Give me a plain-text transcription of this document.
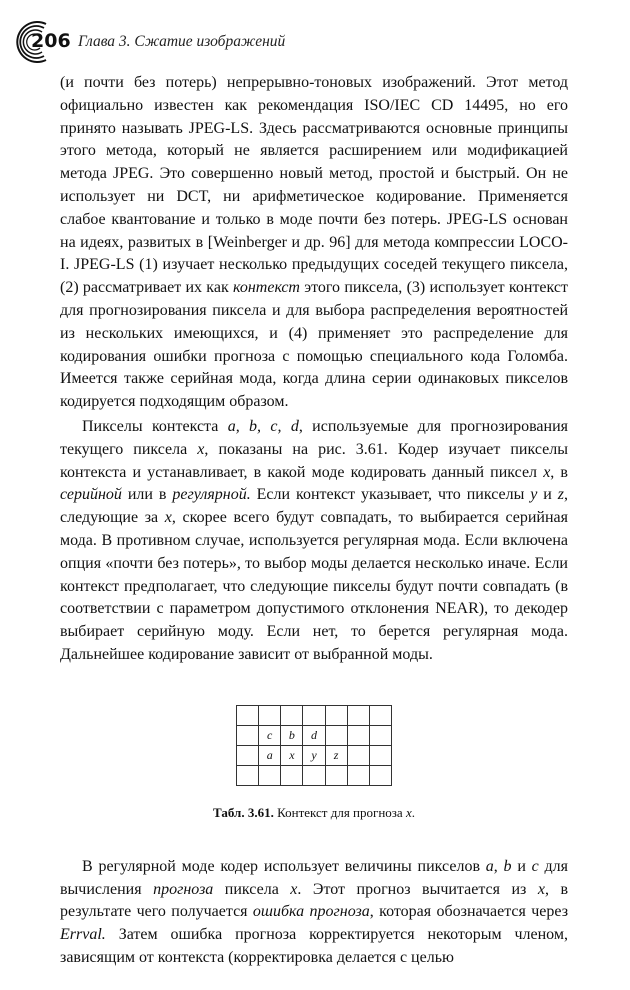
206 Глава 3. Сжатие изображений

(и почти без потерь) непрерывно-тоновых изображений. Этот метод официально известен как рекомендация ISO/IEC CD 14495, но его принято называть JPEG-LS. Здесь рассматриваются основные принципы этого метода, который не является расширением или модификацией метода JPEG. Это совершенно новый метод, простой и быстрый. Он не использует ни DCT, ни арифметическое кодирование. Применяется слабое квантование и только в моде почти без потерь. JPEG-LS основан на идеях, развитых в [Weinberger и др. 96] для метода компрессии LOCO-I. JPEG-LS (1) изучает несколько предыдущих соседей текущего пиксела, (2) рассматривает их как контекст этого пиксела, (3) использует контекст для прогнозирования пиксела и для выбора распределения вероятностей из нескольких имеющихся, и (4) применяет это распределение для кодирования ошибки прогноза с помощью специального кода Голомба. Имеется также серийная мода, когда длина серии одинаковых пикселов кодируется подходящим образом.

Пикселы контекста a, b, c, d, используемые для прогнозирования текущего пиксела x, показаны на рис. 3.61. Кодер изучает пикселы контекста и устанавливает, в какой моде кодировать данный пиксел x, в серийной или в регулярной. Если контекст указывает, что пикселы y и z, следующие за x, скорее всего будут совпадать, то выбирается серийная мода. В противном случае, используется регулярная мода. Если включена опция «почти без потерь», то выбор моды делается несколько иначе. Если контекст предполагает, что следующие пикселы будут почти совпадать (в соответствии с параметром допустимого отклонения NEAR), то декодер выбирает серийную моду. Если нет, то берется регулярная мода. Дальнейшее кодирование зависит от выбранной моды.

	c	b	d			
	a	x	y	z		

Табл. 3.61. Контекст для прогноза x.

В регулярной моде кодер использует величины пикселов a, b и c для вычисления прогноза пиксела x. Этот прогноз вычитается из x, в результате чего получается ошибка прогноза, которая обозначается через Errval. Затем ошибка прогноза корректируется некоторым членом, зависящим от контекста (корректировка делается с целью
